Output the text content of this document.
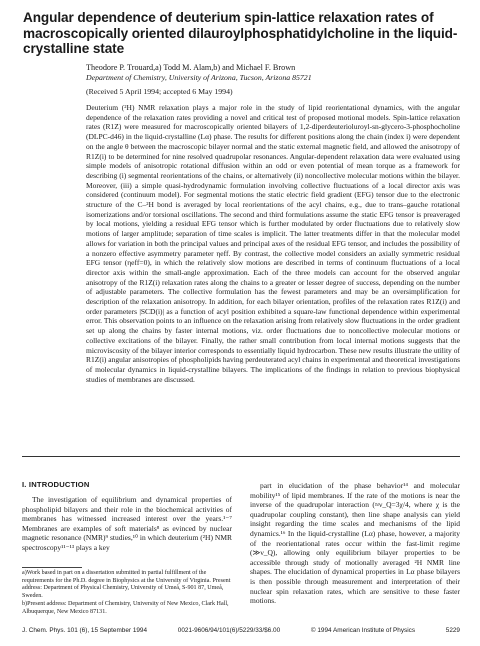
Angular dependence of deuterium spin-lattice relaxation rates of macroscopically oriented dilauroylphosphatidylcholine in the liquid-crystalline state
Theodore P. Trouard,a) Todd M. Alam,b) and Michael F. Brown
Department of Chemistry, University of Arizona, Tucson, Arizona 85721
(Received 5 April 1994; accepted 6 May 1994)

Deuterium (²H) NMR relaxation plays a major role in the study of lipid reorientational dynamics, with the angular dependence of the relaxation rates providing a novel and critical test of proposed motional models. Spin-lattice relaxation rates (R1Z) were measured for macroscopically oriented bilayers of 1,2-diperdeuterioluroyl-sn-glycero-3-phosphocholine (DLPC-d46) in the liquid-crystalline (Lα) phase. The results for different positions along the chain (index i) were dependent on the angle θ between the macroscopic bilayer normal and the static external magnetic field, and allowed the anisotropy of R1Z(i) to be determined for nine resolved quadrupolar resonances. Angular-dependent relaxation data were evaluated using simple models of anisotropic rotational diffusion within an odd or even potential of mean torque as a framework for describing (i) segmental reorientations of the chains, or alternatively (ii) noncollective molecular motions within the bilayer. Moreover, (iii) a simple quasi-hydrodynamic formulation involving collective fluctuations of a local director axis was considered (continuum model). For segmental motions the static electric field gradient (EFG) tensor due to the electronic structure of the C–²H bond is averaged by local reorientations of the acyl chains, e.g., due to trans–gauche rotational isomerizations and/or torsional oscillations. The second and third formulations assume the static EFG tensor is preaveraged by local motions, yielding a residual EFG tensor which is further modulated by order fluctuations due to relatively slow motions of larger amplitude; separation of time scales is implicit. The latter treatments differ in that the molecular model allows for variation in both the principal values and principal axes of the residual EFG tensor, and includes the possibility of a nonzero effective asymmetry parameter ηeff. By contrast, the collective model considers an axially symmetric residual EFG tensor (ηeff=0), in which the relatively slow motions are described in terms of continuum fluctuations of a local director axis within the small-angle approximation. Each of the three models can account for the observed angular anisotropy of the R1Z(i) relaxation rates along the chains to a greater or lesser degree of success, depending on the number of adjustable parameters. The collective formulation has the fewest parameters and may be an oversimplification for description of the relaxation anisotropy. In addition, for each bilayer orientation, profiles of the relaxation rates R1Z(i) and order parameters |SCD(i)| as a function of acyl position exhibited a square-law functional dependence within experimental error. This observation points to an influence on the relaxation arising from relatively slow fluctuations in the order gradient set up along the chains by faster internal motions, viz. order fluctuations due to noncollective molecular motions or collective excitations of the bilayer. Finally, the rather small contribution from local internal motions suggests that the microviscosity of the bilayer interior corresponds to essentially liquid hydrocarbon. These new results illustrate the utility of R1Z(i) angular anisotropies of phospholipids having perdeuterated acyl chains in experimental and theoretical investigations of molecular dynamics in liquid-crystalline bilayers. The implications of the findings in relation to previous biophysical studies of membranes are discussed.

I. INTRODUCTION

The investigation of equilibrium and dynamical properties of phospholipid bilayers and their role in the biochemical activities of membranes has witnessed increased interest over the years.¹⁻⁷ Membranes are examples of soft materials⁸ as evinced by nuclear magnetic resonance (NMR)⁹ studies,¹⁰ in which deuterium (²H) NMR spectroscopy¹¹⁻¹³ plays a key

part in elucidation of the phase behavior¹⁴ and molecular mobility¹⁵ of lipid membranes. If the rate of the motions is near the inverse of the quadrupolar interaction (≈ν_Q=3χ/4, where χ is the quadrupolar coupling constant), then line shape analysis can yield insight regarding the time scales and mechanisms of the lipid dynamics.¹⁶ In the liquid-crystalline (Lα) phase, however, a majority of the reorientational rates occur within the fast-limit regime (≫ν_Q), allowing only equilibrium bilayer properties to be accessible through study of motionally averaged ²H NMR line shapes. The elucidation of dynamical properties in Lα phase bilayers is then possible through measurement and interpretation of their nuclear spin relaxation rates, which are sensitive to these faster motions.

a)Work based in part on a dissertation submitted in partial fulfillment of the requirements for the Ph.D. degree in Biophysics at the University of Virginia. Present address: Department of Physical Chemistry, University of Umeå, S-901 87, Umeå, Sweden.

b)Present address: Department of Chemistry, University of New Mexico, Clark Hall, Albuquerque, New Mexico 87131.

J. Chem. Phys. 101 (6), 15 September 1994	0021-9606/94/101(6)/5229/33/$6.00	© 1994 American Institute of Physics	5229
